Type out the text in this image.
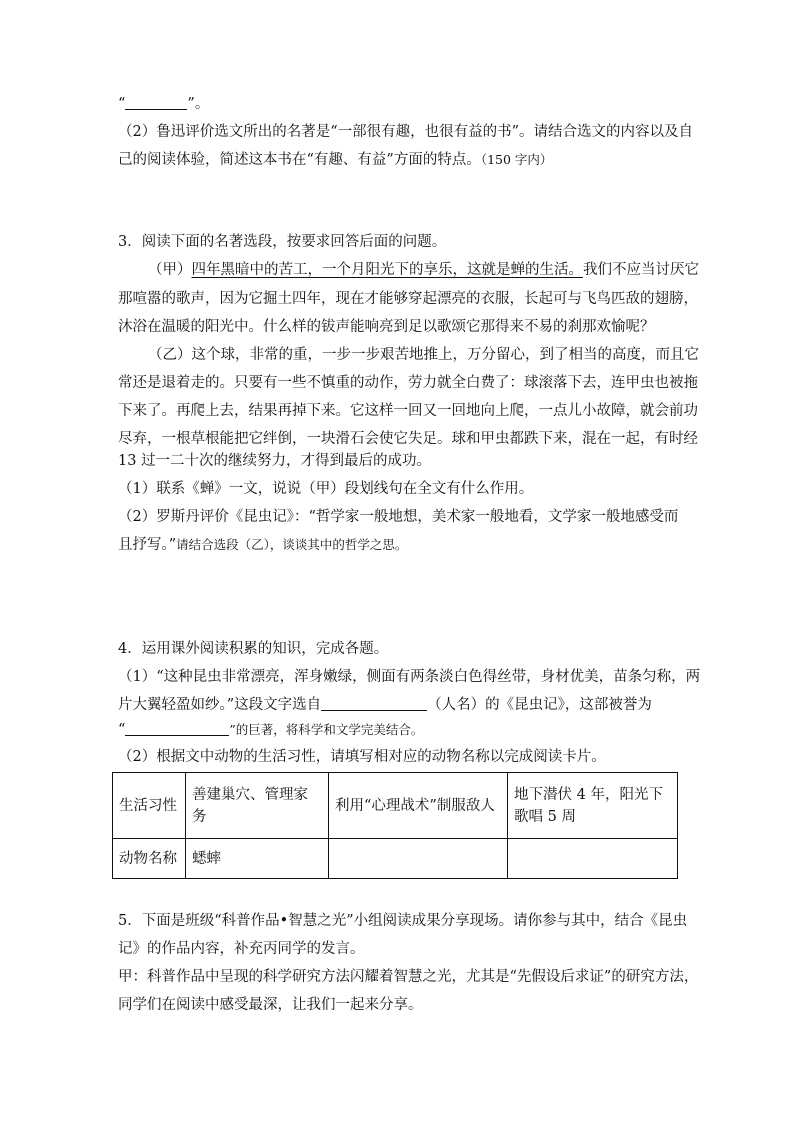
“	”。
（2）鲁迅评价选文所出的名著是“一部很有趣，也很有益的书”。请结合选文的内容以及自
己的阅读体验，简述这本书在“有趣、有益”方面的特点。（150 字内）
3．阅读下面的名著选段，按要求回答后面的问题。
（甲）四年黑暗中的苦工，一个月阳光下的享乐，这就是蝉的生活。我们不应当讨厌它
那喧嚣的歌声，因为它掘土四年，现在才能够穿起漂亮的衣服，长起可与飞鸟匹敌的翅膀，
沐浴在温暖的阳光中。什么样的钹声能响亮到足以歌颂它那得来不易的刹那欢愉呢？
（乙）这个球，非常的重，一步一步艰苦地推上，万分留心，到了相当的高度，而且它
常还是退着走的。只要有一些不慎重的动作，劳力就全白费了：球滚落下去，连甲虫也被拖
下来了。再爬上去，结果再掉下来。它这样一回又一回地向上爬，一点儿小故障，就会前功
尽弃，一根草根能把它绊倒，一块滑石会使它失足。球和甲虫都跌下来，混在一起，有时经
13 过一二十次的继续努力，才得到最后的成功。
（1）联系《蝉》一文，说说（甲）段划线句在全文有什么作用。
（2）罗斯丹评价《昆虫记》：“哲学家一般地想，美术家一般地看，文学家一般地感受而
且抒写。”请结合选段（乙），谈谈其中的哲学之思。
4．运用课外阅读积累的知识，完成各题。
（1）“这种昆虫非常漂亮，浑身嫩绿，侧面有两条淡白色得丝带，身材优美，苗条匀称，两
片大翼轻盈如纱。”这段文字选自	（人名）的《昆虫记》，这部被誉为
“	”的巨著，将科学和文学完美结合。
（2）根据文中动物的生活习性，请填写相对应的动物名称以完成阅读卡片。
生活习性	善建巢穴、管理家务	利用“心理战术”制服敌人	地下潜伏 4 年，阳光下歌唱 5 周
动物名称	蟋蟀		
5．下面是班级“科普作品•智慧之光”小组阅读成果分享现场。请你参与其中，结合《昆虫
记》的作品内容，补充丙同学的发言。
甲：科普作品中呈现的科学研究方法闪耀着智慧之光，尤其是“先假设后求证”的研究方法，
同学们在阅读中感受最深，让我们一起来分享。
